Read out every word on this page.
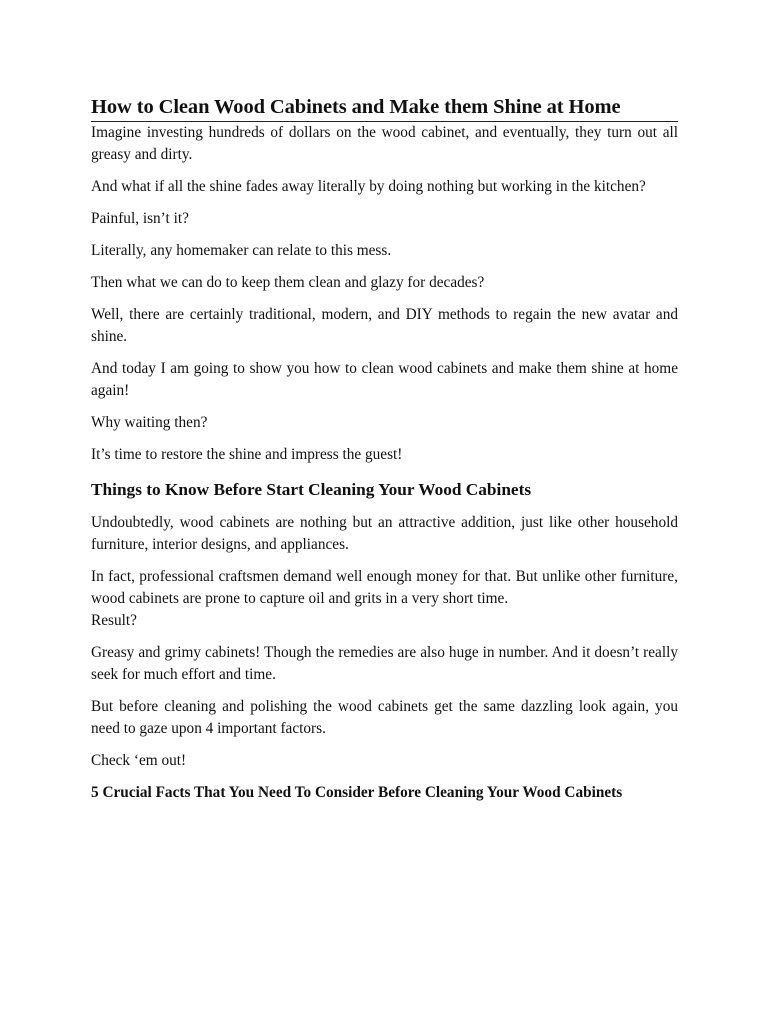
How to Clean Wood Cabinets and Make them Shine at Home

Imagine investing hundreds of dollars on the wood cabinet, and eventually, they turn out all greasy and dirty.

And what if all the shine fades away literally by doing nothing but working in the kitchen?

Painful, isn’t it?

Literally, any homemaker can relate to this mess.

Then what we can do to keep them clean and glazy for decades?

Well, there are certainly traditional, modern, and DIY methods to regain the new avatar and shine.

And today I am going to show you how to clean wood cabinets and make them shine at home again!

Why waiting then?

It’s time to restore the shine and impress the guest!

Things to Know Before Start Cleaning Your Wood Cabinets

Undoubtedly, wood cabinets are nothing but an attractive addition, just like other household furniture, interior designs, and appliances.

In fact, professional craftsmen demand well enough money for that. But unlike other furniture, wood cabinets are prone to capture oil and grits in a very short time.

Result?

Greasy and grimy cabinets! Though the remedies are also huge in number. And it doesn’t really seek for much effort and time.

But before cleaning and polishing the wood cabinets get the same dazzling look again, you need to gaze upon 4 important factors.

Check ‘em out!

5 Crucial Facts That You Need To Consider Before Cleaning Your Wood Cabinets
